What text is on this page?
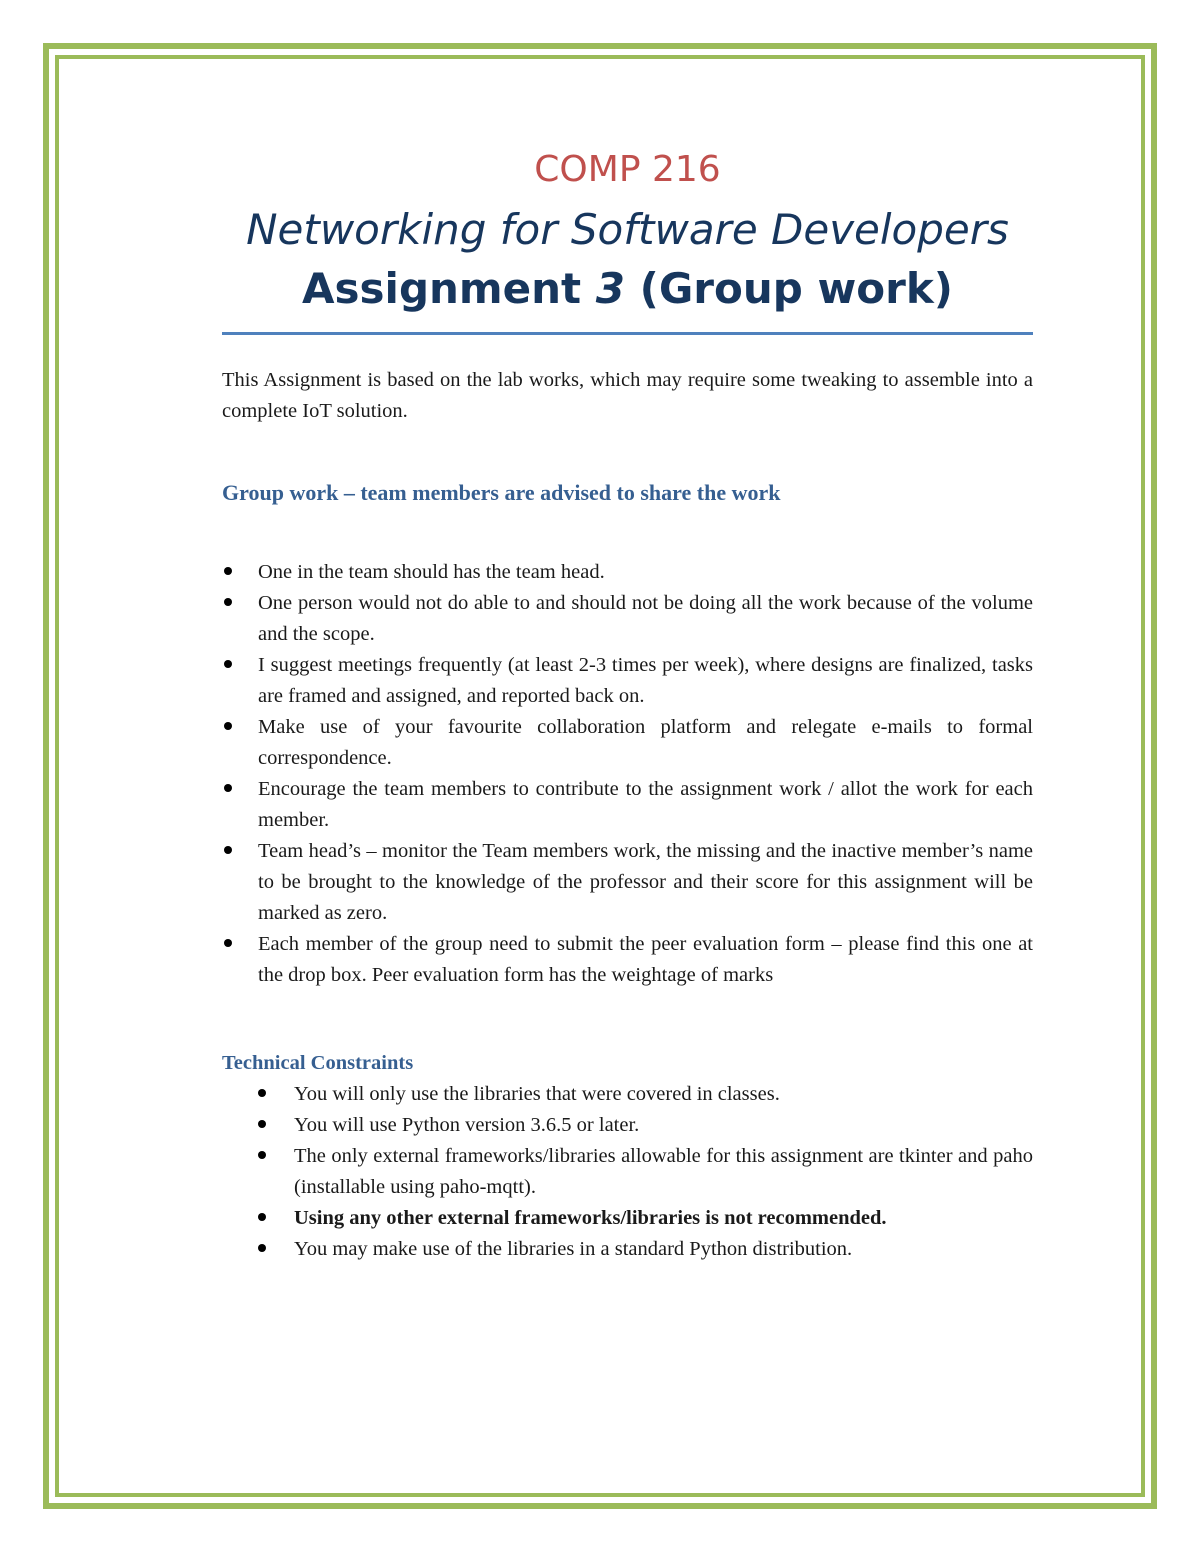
COMP 216
Networking for Software Developers
Assignment 3 (Group work)

This Assignment is based on the lab works, which may require some tweaking to assemble into a complete IoT solution.

Group work – team members are advised to share the work
One in the team should has the team head.
One person would not do able to and should not be doing all the work because of the volume and the scope.
I suggest meetings frequently (at least 2-3 times per week), where designs are finalized, tasks are framed and assigned, and reported back on.
Make use of your favourite collaboration platform and relegate e-mails to formal correspondence.
Encourage the team members to contribute to the assignment work / allot the work for each member.
Team head’s – monitor the Team members work, the missing and the inactive member’s name to be brought to the knowledge of the professor and their score for this assignment will be marked as zero.
Each member of the group need to submit the peer evaluation form – please find this one at the drop box. Peer evaluation form has the weightage of marks
Technical Constraints
You will only use the libraries that were covered in classes.
You will use Python version 3.6.5 or later.
The only external frameworks/libraries allowable for this assignment are tkinter and paho (installable using paho-mqtt).
Using any other external frameworks/libraries is not recommended.
You may make use of the libraries in a standard Python distribution.
